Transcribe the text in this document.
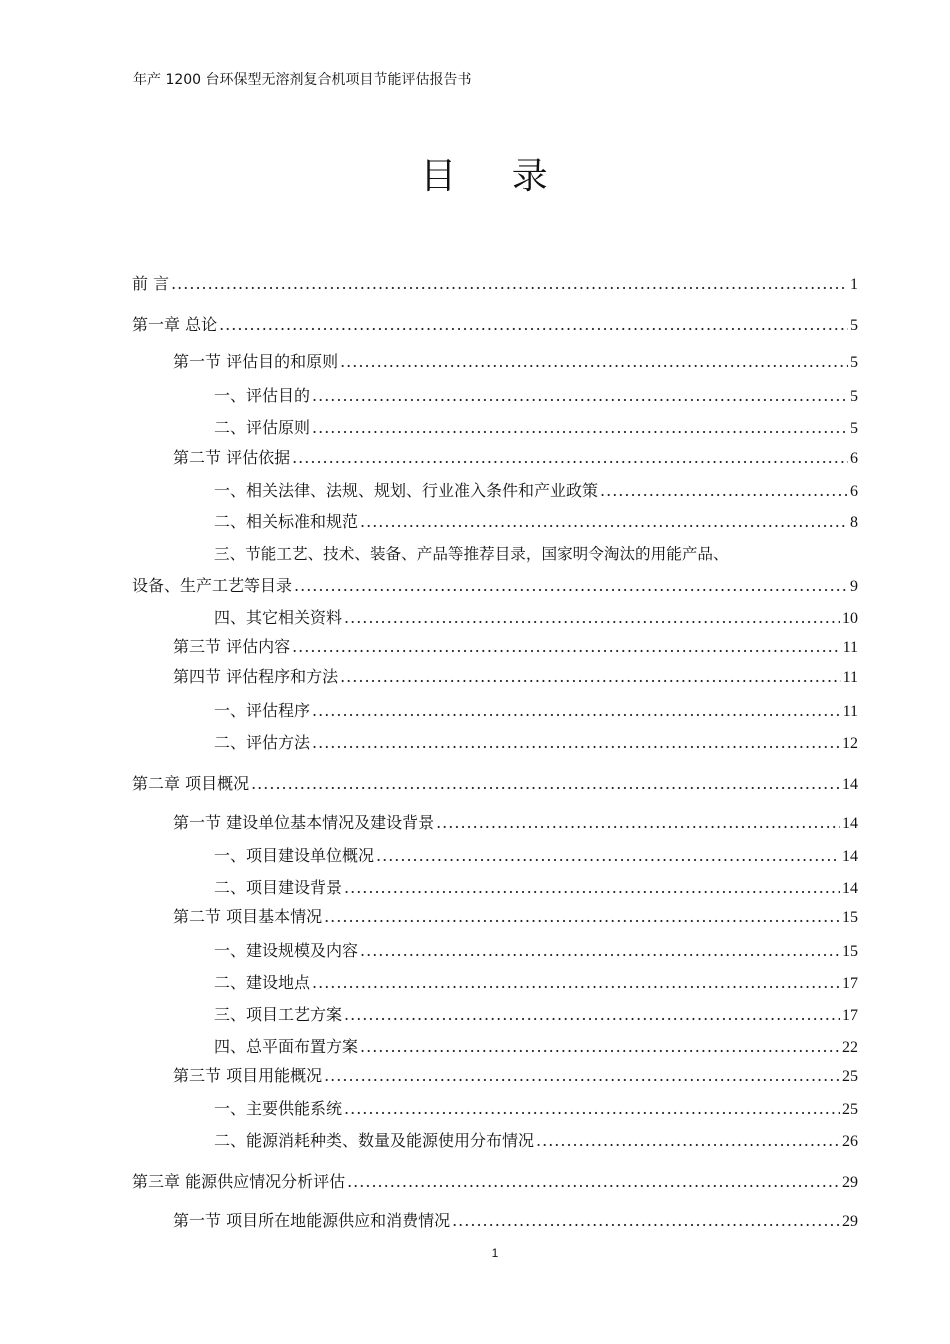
年产 1200 台环保型无溶剂复合机项目节能评估报告书
目 录
前 言 .....	1
第一章 总论 .....	5
第一节 评估目的和原则 .....	5
一、评估目的 .....	5
二、评估原则 .....	5
第二节 评估依据 .....	6
一、相关法律、法规、规划、行业准入条件和产业政策 .....	6
二、相关标准和规范 .....	8
三、节能工艺、技术、装备、产品等推荐目录，国家明令淘汰的用能产品、
设备、生产工艺等目录 .....	9
四、其它相关资料 .....	10
第三节 评估内容 .....	11
第四节 评估程序和方法 .....	11
一、评估程序 .....	11
二、评估方法 .....	12
第二章 项目概况 .....	14
第一节 建设单位基本情况及建设背景 .....	14
一、项目建设单位概况 .....	14
二、项目建设背景 .....	14
第二节 项目基本情况 .....	15
一、建设规模及内容 .....	15
二、建设地点 .....	17
三、项目工艺方案 .....	17
四、总平面布置方案 .....	22
第三节 项目用能概况 .....	25
一、主要供能系统 .....	25
二、能源消耗种类、数量及能源使用分布情况 .....	26
第三章 能源供应情况分析评估 .....	29
第一节 项目所在地能源供应和消费情况 .....	29
1
